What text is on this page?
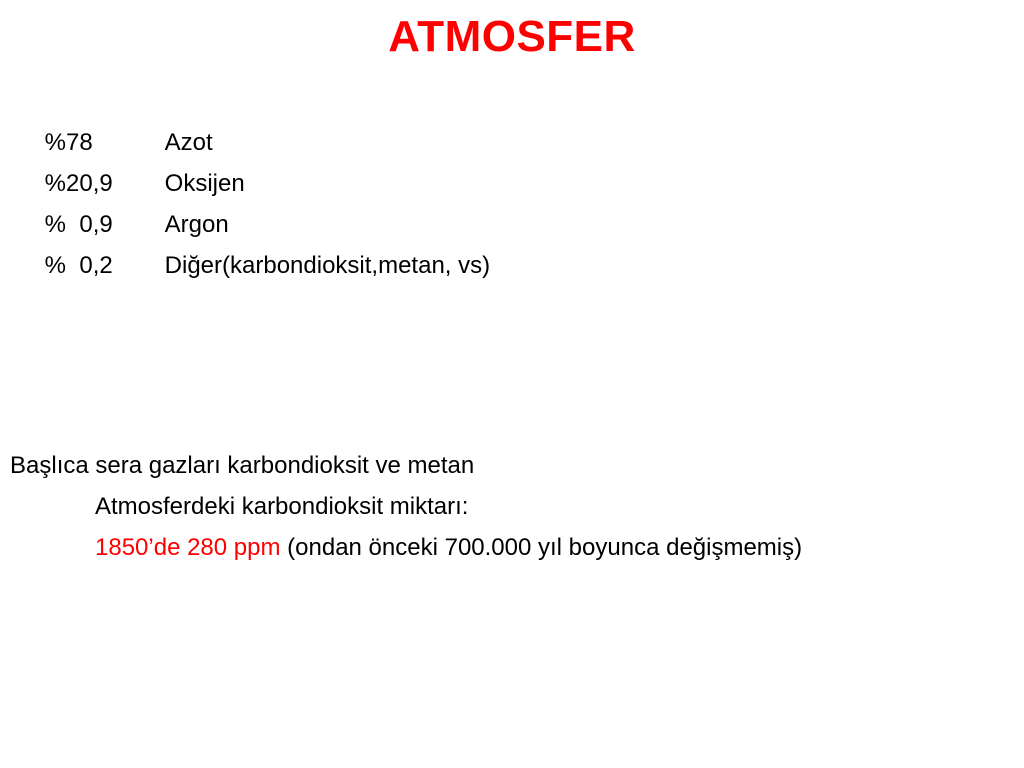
ATMOSFER

%78	Azot

%20,9 Oksijen

%  0,9 Argon

%  0,2 Diğer(karbondioksit,metan, vs)

Başlıca sera gazları karbondioksit ve metan
Atmosferdeki karbondioksit miktarı:
1850’de 280 ppm (ondan önceki 700.000 yıl boyunca değişmemiş)
